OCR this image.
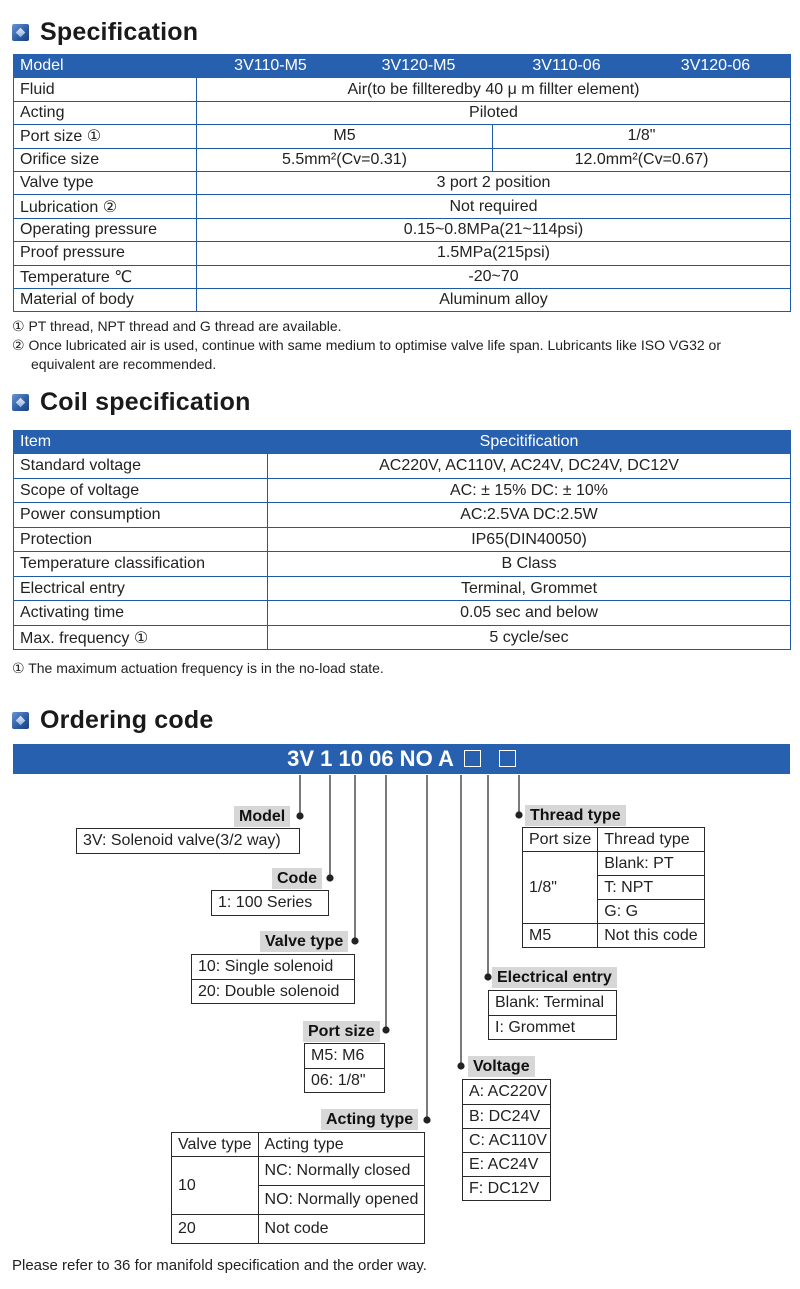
Specification
Model	3V110-M5	3V120-M5	3V110-06	3V120-06
Fluid	Air(to be fillteredby 40 μ m fillter element)			
Acting	Piloted			
Port size ①	M5		1/8"	
Orifice size	5.5mm²(Cv=0.31)		12.0mm²(Cv=0.67)	
Valve type	3 port 2 position			
Lubrication ②	Not required			
Operating pressure	0.15~0.8MPa(21~114psi)			
Proof pressure	1.5MPa(215psi)			
Temperature ℃	-20~70			
Material of body	Aluminum alloy			
① PT thread, NPT thread and G thread are available.
② Once lubricated air is used, continue with same medium to optimise valve life span. Lubricants like ISO VG32 or
equivalent are recommended.
Coil specification
Item	Specitification
Standard voltage	AC220V, AC110V, AC24V, DC24V, DC12V
Scope of voltage	AC: ± 15% DC: ± 10%
Power consumption	AC:2.5VA DC:2.5W
Protection	IP65(DIN40050)
Temperature classification	B Class
Electrical entry	Terminal, Grommet
Activating time	0.05 sec and below
Max. frequency ①	5 cycle/sec
① The maximum actuation frequency is in the no-load state.
Ordering code
3V 1 10 06 NO A
Model
3V: Solenoid valve(3/2 way)
Code
1: 100 Series
Valve type
10: Single solenoid
20: Double solenoid
Port size
M5: M6
06: 1/8"
Acting type
Valve type	Acting type
10	NC: Normally closed
	NO: Normally opened
20	Not code
Voltage
A: AC220V
B: DC24V
C: AC110V
E: AC24V
F: DC12V
Electrical entry
Blank: Terminal
I: Grommet
Thread type
Port size	Thread type
1/8"	Blank: PT
	T: NPT
	G: G
M5	Not this code
Please refer to 36 for manifold specification and the order way.
